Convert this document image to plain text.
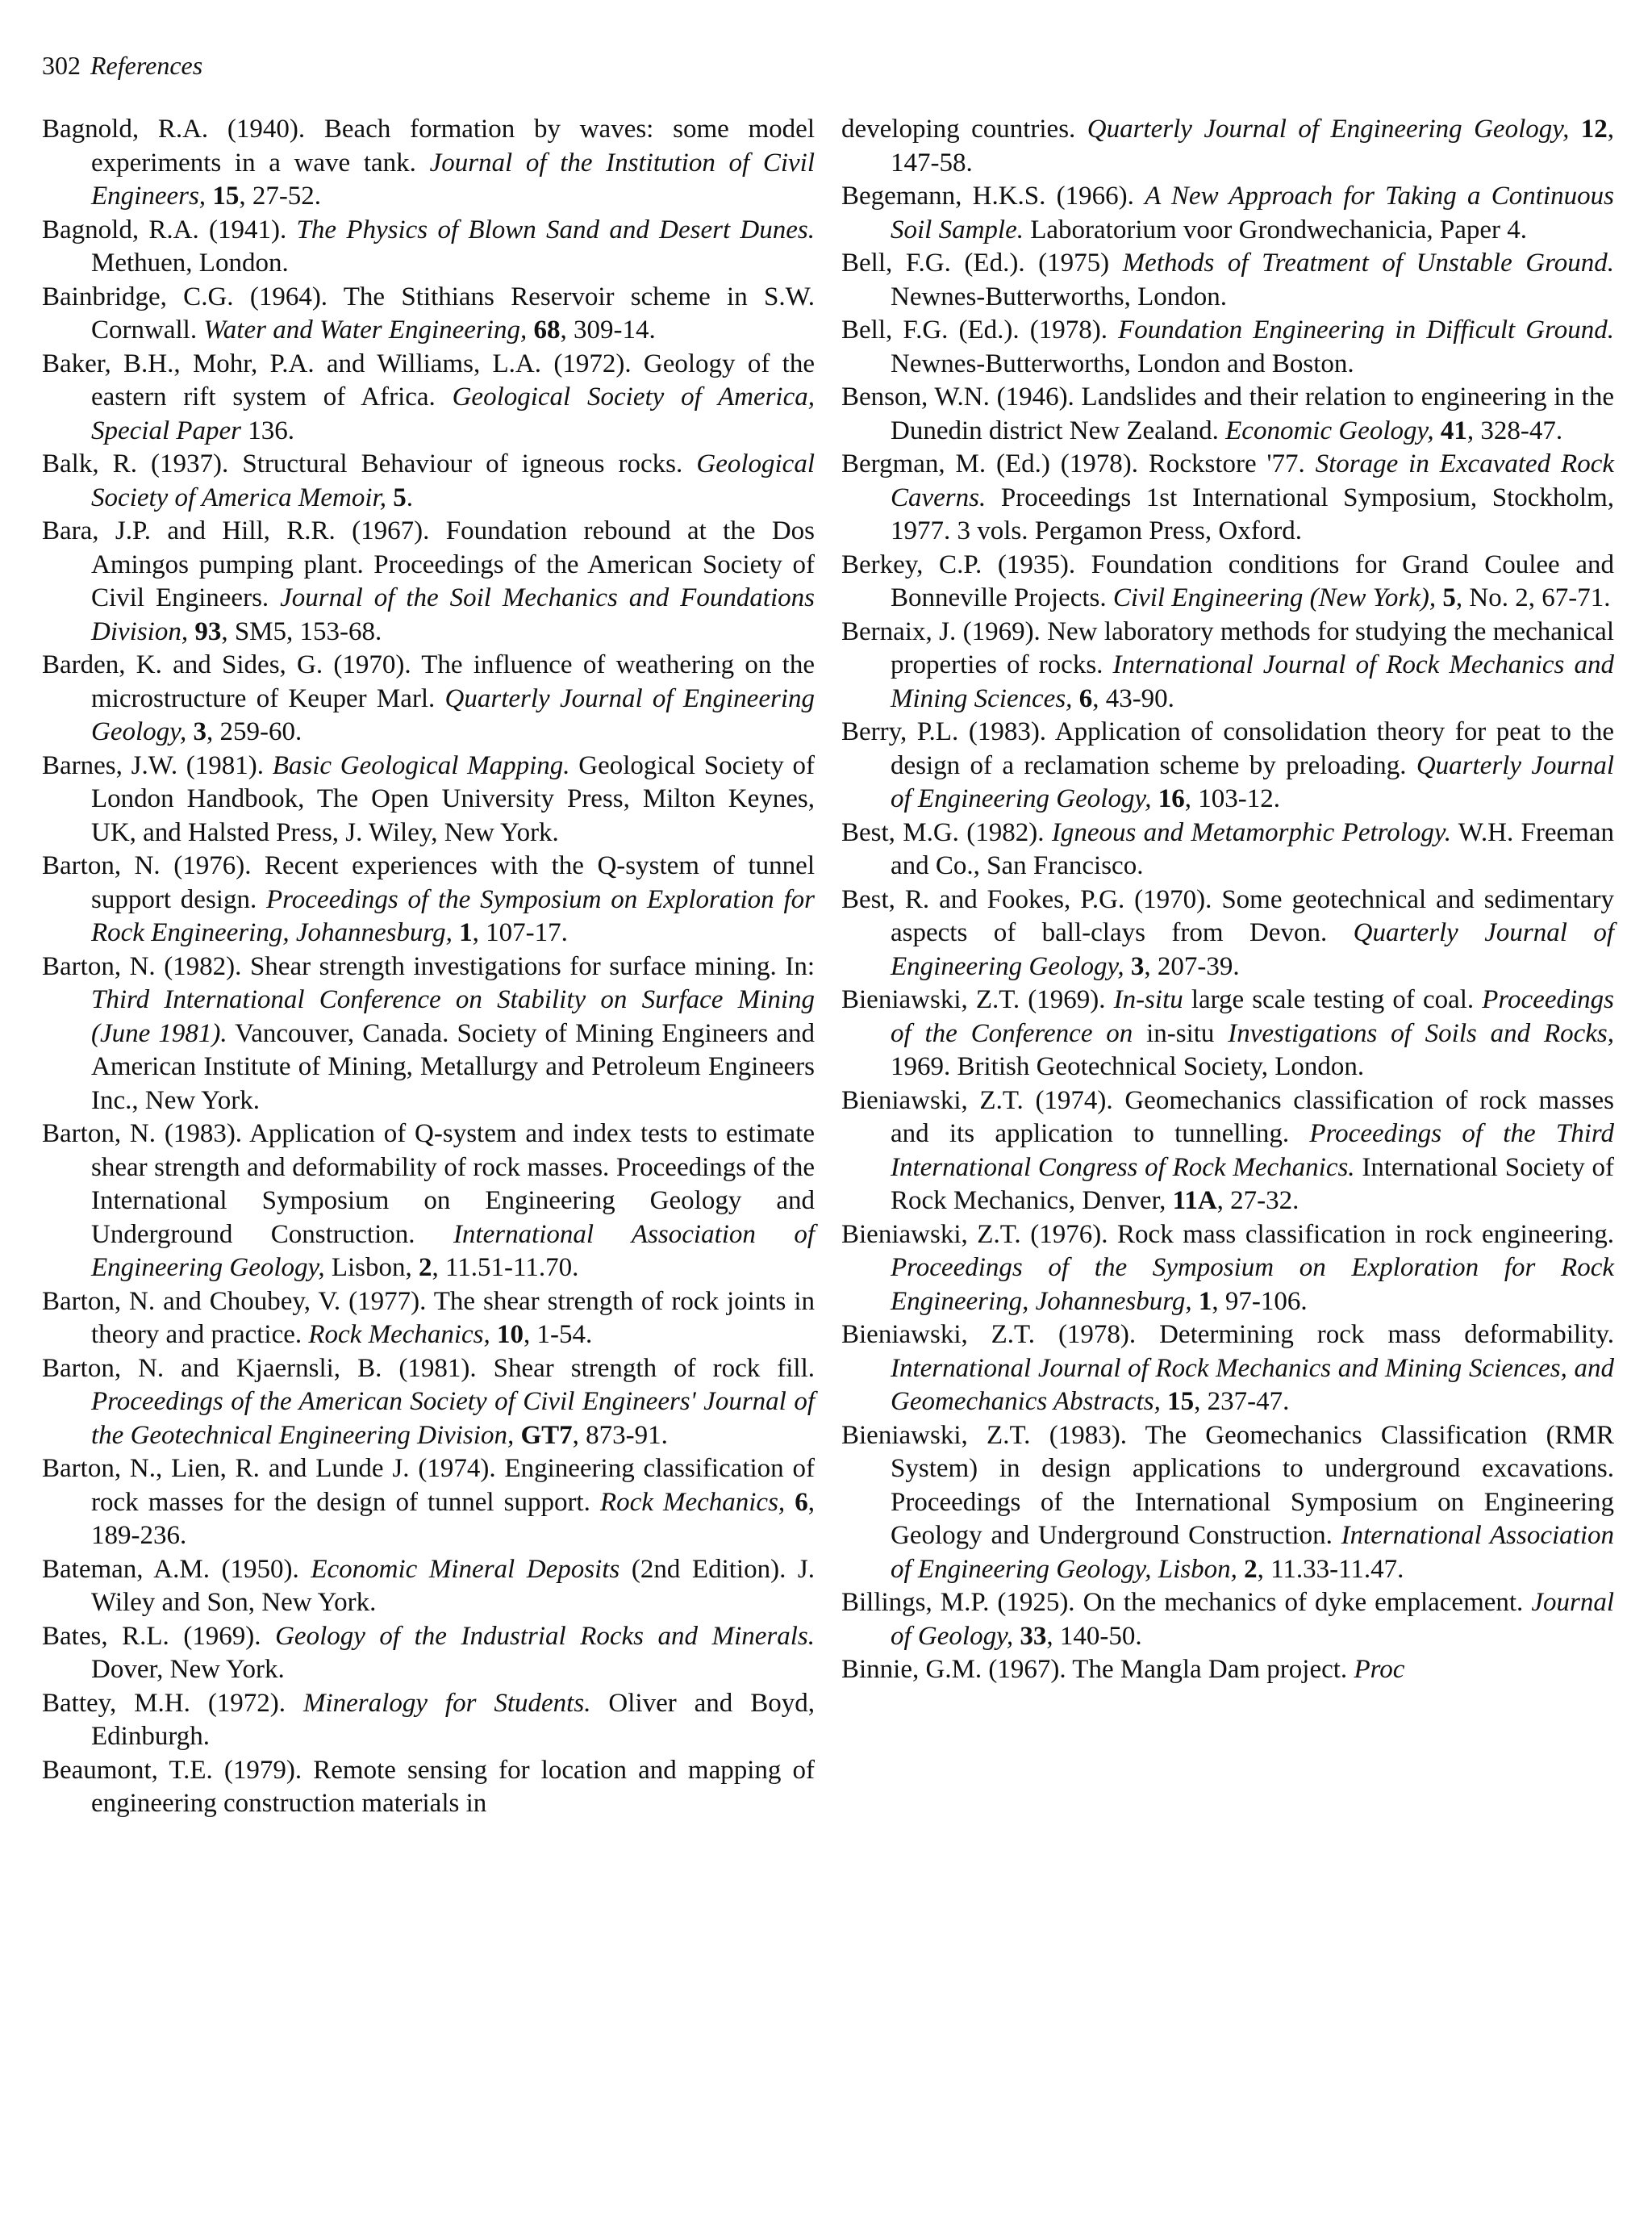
302 References

Bagnold, R.A. (1940). Beach formation by waves: some model experiments in a wave tank. Journal of the Institution of Civil Engineers, 15, 27-52.

Bagnold, R.A. (1941). The Physics of Blown Sand and Desert Dunes. Methuen, London.

Bainbridge, C.G. (1964). The Stithians Reservoir scheme in S.W. Cornwall. Water and Water Engineering, 68, 309-14.

Baker, B.H., Mohr, P.A. and Williams, L.A. (1972). Geology of the eastern rift system of Africa. Geological Society of America, Special Paper 136.

Balk, R. (1937). Structural Behaviour of igneous rocks. Geological Society of America Memoir, 5.

Bara, J.P. and Hill, R.R. (1967). Foundation rebound at the Dos Amingos pumping plant. Proceedings of the American Society of Civil Engineers. Journal of the Soil Mechanics and Foundations Division, 93, SM5, 153-68.

Barden, K. and Sides, G. (1970). The influence of weathering on the microstructure of Keuper Marl. Quarterly Journal of Engineering Geology, 3, 259-60.

Barnes, J.W. (1981). Basic Geological Mapping. Geological Society of London Handbook, The Open University Press, Milton Keynes, UK, and Halsted Press, J. Wiley, New York.

Barton, N. (1976). Recent experiences with the Q-system of tunnel support design. Proceedings of the Symposium on Exploration for Rock Engineering, Johannesburg, 1, 107-17.

Barton, N. (1982). Shear strength investigations for surface mining. In: Third International Conference on Stability on Surface Mining (June 1981). Vancouver, Canada. Society of Mining Engineers and American Institute of Mining, Metallurgy and Petroleum Engineers Inc., New York.

Barton, N. (1983). Application of Q-system and index tests to estimate shear strength and deformability of rock masses. Proceedings of the International Symposium on Engineering Geology and Underground Construction. International Association of Engineering Geology, Lisbon, 2, 11.51-11.70.

Barton, N. and Choubey, V. (1977). The shear strength of rock joints in theory and practice. Rock Mechanics, 10, 1-54.

Barton, N. and Kjaernsli, B. (1981). Shear strength of rock fill. Proceedings of the American Society of Civil Engineers' Journal of the Geotechnical Engineering Division, GT7, 873-91.

Barton, N., Lien, R. and Lunde J. (1974). Engineering classification of rock masses for the design of tunnel support. Rock Mechanics, 6, 189-236.

Bateman, A.M. (1950). Economic Mineral Deposits (2nd Edition). J. Wiley and Son, New York.

Bates, R.L. (1969). Geology of the Industrial Rocks and Minerals. Dover, New York.

Battey, M.H. (1972). Mineralogy for Students. Oliver and Boyd, Edinburgh.

Beaumont, T.E. (1979). Remote sensing for location and mapping of engineering construction materials in

developing countries. Quarterly Journal of Engineering Geology, 12, 147-58.

Begemann, H.K.S. (1966). A New Approach for Taking a Continuous Soil Sample. Laboratorium voor Grondwechanicia, Paper 4.

Bell, F.G. (Ed.). (1975) Methods of Treatment of Unstable Ground. Newnes-Butterworths, London.

Bell, F.G. (Ed.). (1978). Foundation Engineering in Difficult Ground. Newnes-Butterworths, London and Boston.

Benson, W.N. (1946). Landslides and their relation to engineering in the Dunedin district New Zealand. Economic Geology, 41, 328-47.

Bergman, M. (Ed.) (1978). Rockstore '77. Storage in Excavated Rock Caverns. Proceedings 1st International Symposium, Stockholm, 1977. 3 vols. Pergamon Press, Oxford.

Berkey, C.P. (1935). Foundation conditions for Grand Coulee and Bonneville Projects. Civil Engineering (New York), 5, No. 2, 67-71.

Bernaix, J. (1969). New laboratory methods for studying the mechanical properties of rocks. International Journal of Rock Mechanics and Mining Sciences, 6, 43-90.

Berry, P.L. (1983). Application of consolidation theory for peat to the design of a reclamation scheme by preloading. Quarterly Journal of Engineering Geology, 16, 103-12.

Best, M.G. (1982). Igneous and Metamorphic Petrology. W.H. Freeman and Co., San Francisco.

Best, R. and Fookes, P.G. (1970). Some geotechnical and sedimentary aspects of ball-clays from Devon. Quarterly Journal of Engineering Geology, 3, 207-39.

Bieniawski, Z.T. (1969). In-situ large scale testing of coal. Proceedings of the Conference on in-situ Investigations of Soils and Rocks, 1969. British Geotechnical Society, London.

Bieniawski, Z.T. (1974). Geomechanics classification of rock masses and its application to tunnelling. Proceedings of the Third International Congress of Rock Mechanics. International Society of Rock Mechanics, Denver, 11A, 27-32.

Bieniawski, Z.T. (1976). Rock mass classification in rock engineering. Proceedings of the Symposium on Exploration for Rock Engineering, Johannesburg, 1, 97-106.

Bieniawski, Z.T. (1978). Determining rock mass deformability. International Journal of Rock Mechanics and Mining Sciences, and Geomechanics Abstracts, 15, 237-47.

Bieniawski, Z.T. (1983). The Geomechanics Classification (RMR System) in design applications to underground excavations. Proceedings of the International Symposium on Engineering Geology and Underground Construction. International Association of Engineering Geology, Lisbon, 2, 11.33-11.47.

Billings, M.P. (1925). On the mechanics of dyke emplacement. Journal of Geology, 33, 140-50.

Binnie, G.M. (1967). The Mangla Dam project. Proc
